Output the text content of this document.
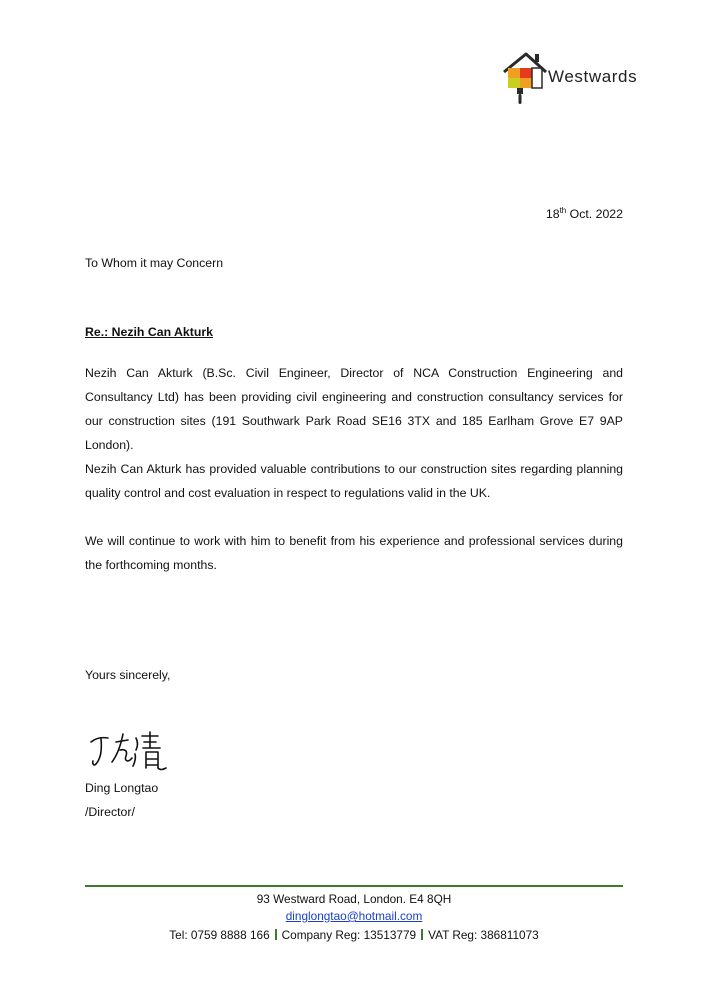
Westwards
18th Oct. 2022
To Whom it may Concern
Re.: Nezih Can Akturk
Nezih Can Akturk (B.Sc. Civil Engineer, Director of NCA Construction Engineering and Consultancy Ltd) has been providing civil engineering and construction consultancy services for our construction sites (191 Southwark Park Road SE16 3TX and 185 Earlham Grove E7 9AP London).
Nezih Can Akturk has provided valuable contributions to our construction sites regarding planning quality control and cost evaluation in respect to regulations valid in the UK.
We will continue to work with him to benefit from his experience and professional services during the forthcoming months.
Yours sincerely,
Ding Longtao
/Director/
93 Westward Road, London. E4 8QH
dinglongtao@hotmail.com
Tel: 0759 8888 166 Company Reg: 13513779 VAT Reg: 386811073
